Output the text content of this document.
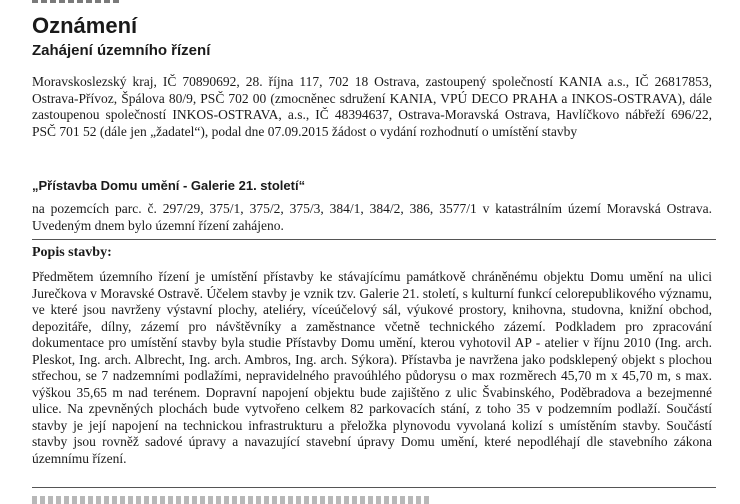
Oznámení
Zahájení územního řízení
Moravskoslezský kraj, IČ 70890692, 28. října 117, 702 18 Ostrava, zastoupený společností KANIA a.s., IČ 26817853, Ostrava-Přívoz, Špálova 80/9, PSČ 702 00 (zmocněnec sdružení KANIA, VPÚ DECO PRAHA a INKOS-OSTRAVA), dále zastoupenou společností INKOS-OSTRAVA, a.s., IČ 48394637, Ostrava-Moravská Ostrava, Havlíčkovo nábřeží 696/22, PSČ 701 52 (dále jen „žadatel“), podal dne 07.09.2015 žádost o vydání rozhodnutí o umístění stavby
„Přístavba Domu umění - Galerie 21. století“
na pozemcích parc. č. 297/29, 375/1, 375/2, 375/3, 384/1, 384/2, 386, 3577/1 v katastrálním území Moravská Ostrava. Uvedeným dnem bylo územní řízení zahájeno.
Popis stavby:
Předmětem územního řízení je umístění přístavby ke stávajícímu památkově chráněnému objektu Domu umění na ulici Jurečkova v Moravské Ostravě. Účelem stavby je vznik tzv. Galerie 21. století, s kulturní funkcí celorepublikového významu, ve které jsou navrženy výstavní plochy, ateliéry, víceúčelový sál, výukové prostory, knihovna, studovna, knižní obchod, depozitáře, dílny, zázemí pro návštěvníky a zaměstnance včetně technického zázemí. Podkladem pro zpracování dokumentace pro umístění stavby byla studie Přístavby Domu umění, kterou vyhotovil AP - atelier v říjnu 2010 (Ing. arch. Pleskot, Ing. arch. Albrecht, Ing. arch. Ambros, Ing. arch. Sýkora). Přístavba je navržena jako podsklepený objekt s plochou střechou, se 7 nadzemními podlažími, nepravidelného pravoúhlého půdorysu o max rozměrech 45,70 m x 45,70 m, s max. výškou 35,65 m nad terénem. Dopravní napojení objektu bude zajištěno z ulic Švabinského, Poděbradova a bezejmenné ulice. Na zpevněných plochách bude vytvořeno celkem 82 parkovacích stání, z toho 35 v podzemním podlaží. Součástí stavby je její napojení na technickou infrastrukturu a přeložka plynovodu vyvolaná kolizí s umístěním stavby. Součástí stavby jsou rovněž sadové úpravy a navazující stavební úpravy Domu umění, které nepodléhají dle stavebního zákona územnímu řízení.
